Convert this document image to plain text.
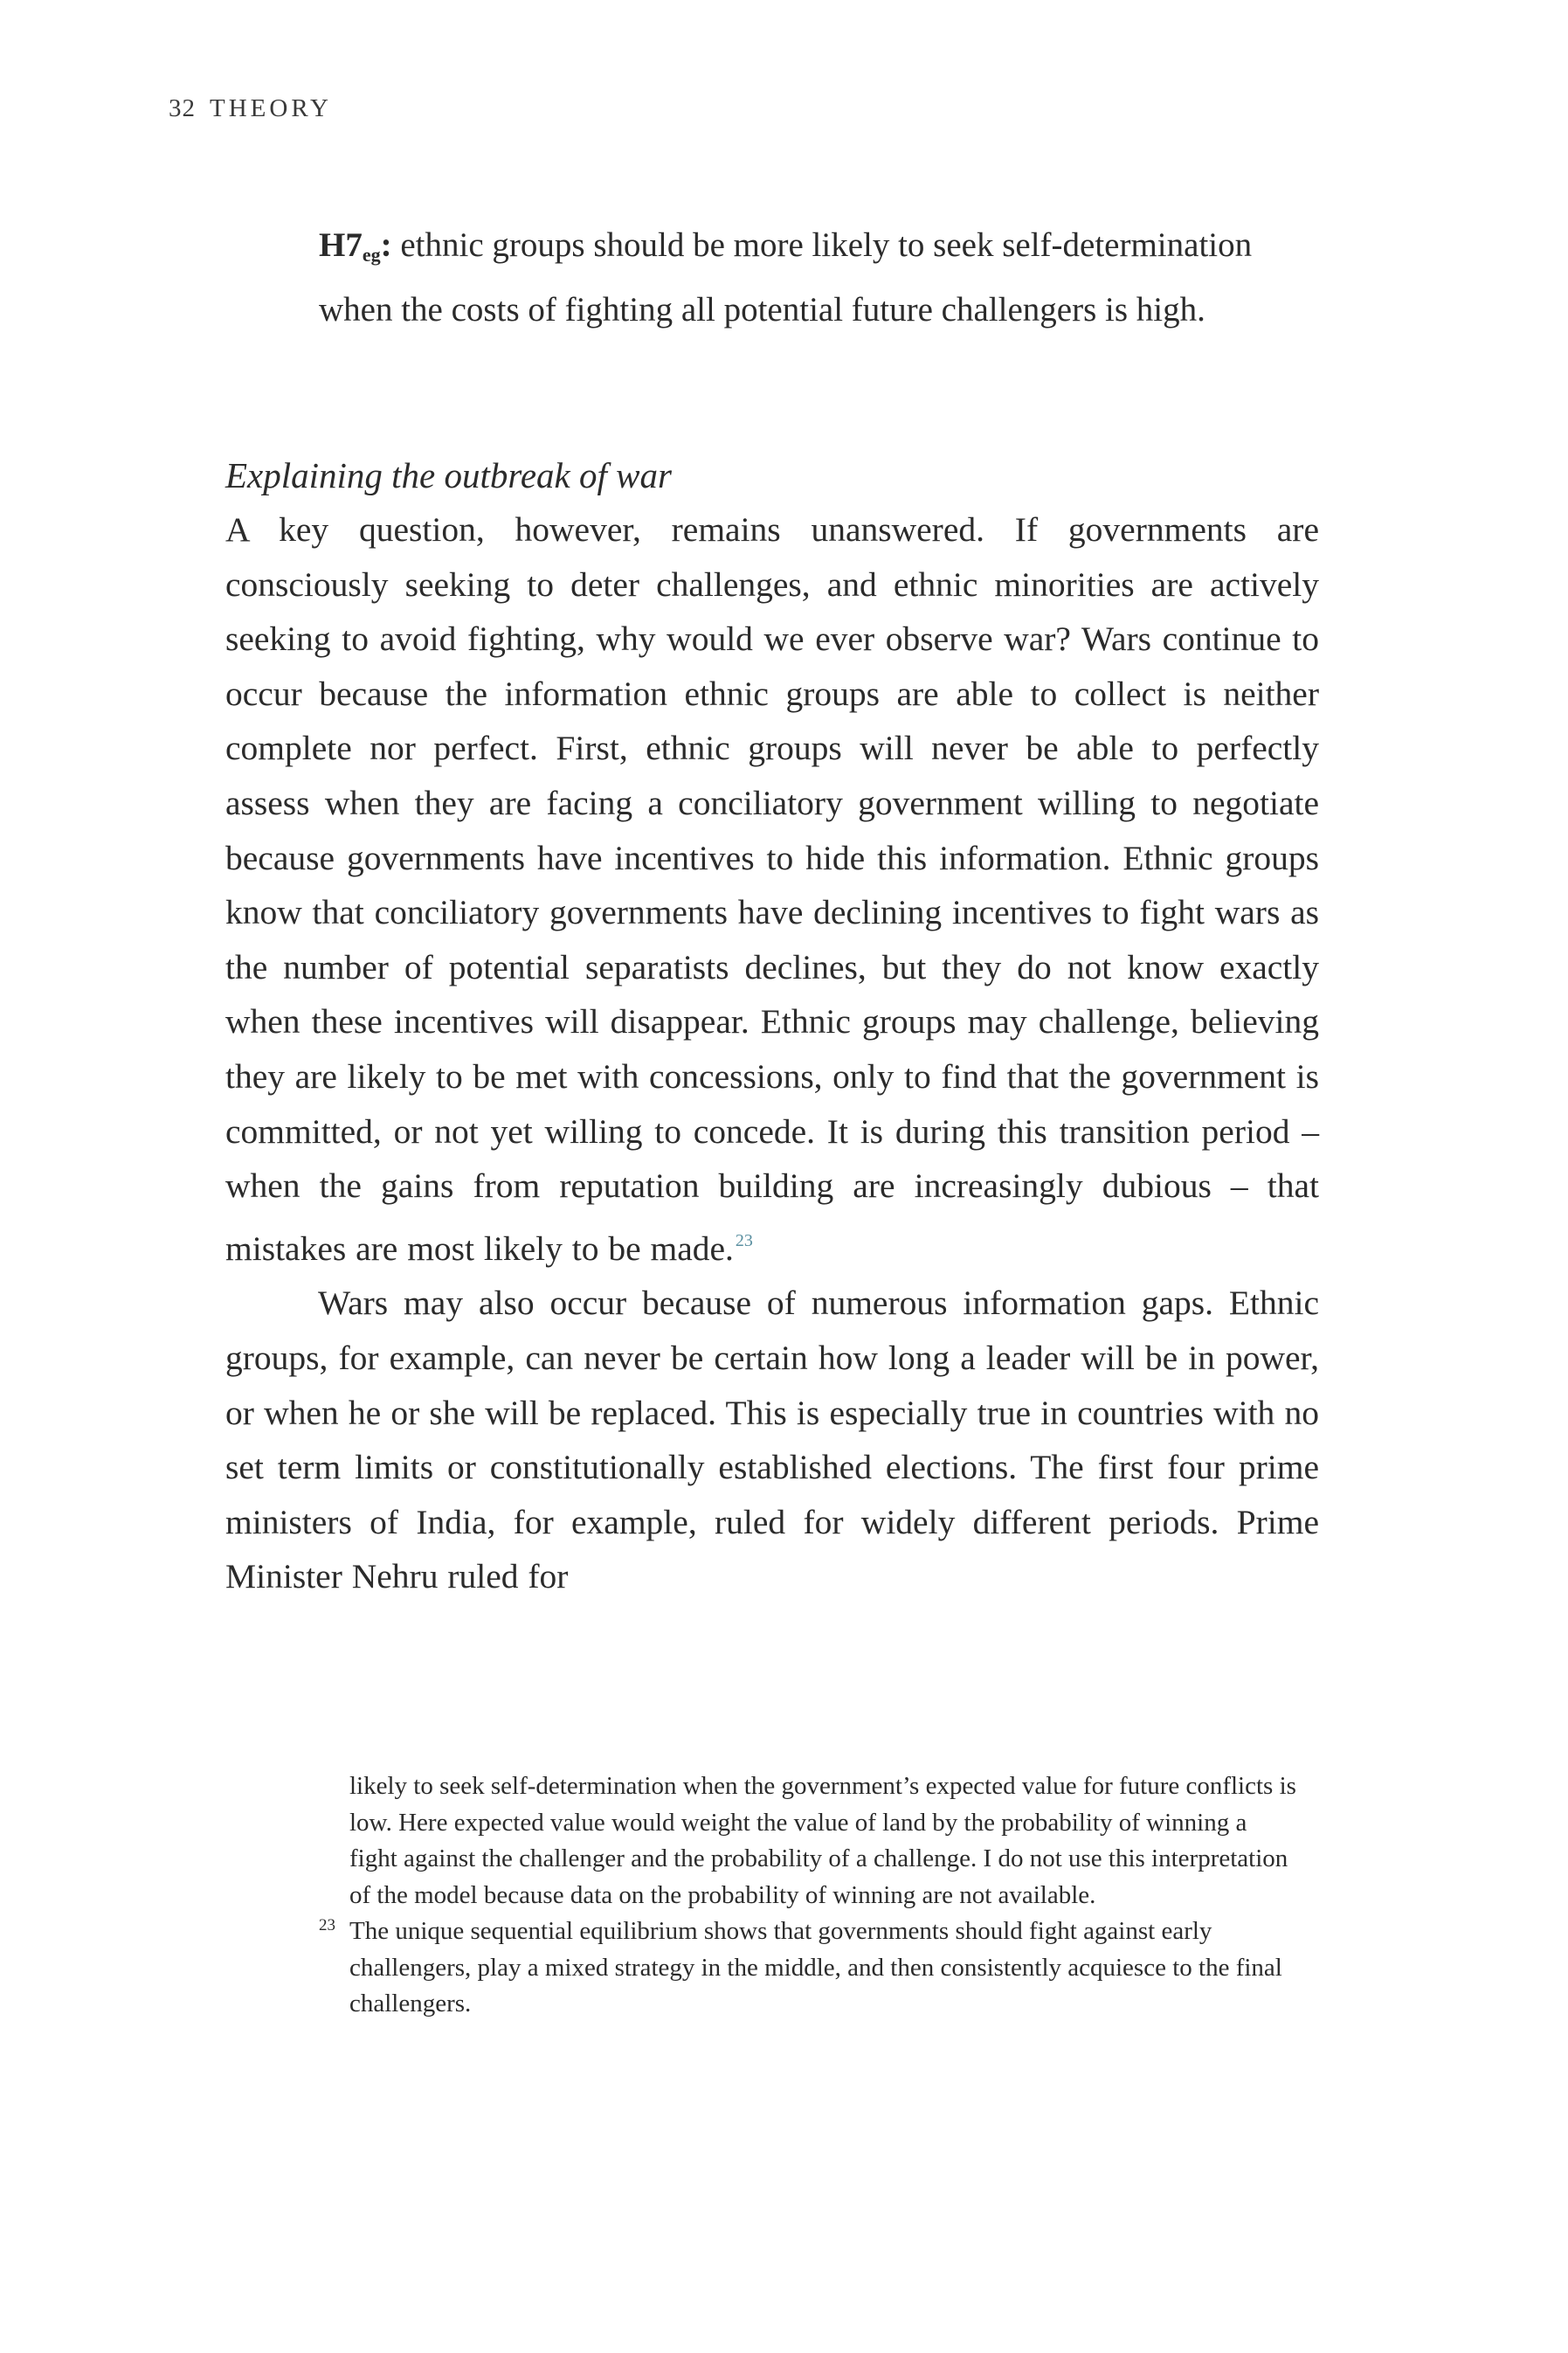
32 THEORY
$H7_{eg}$: ethnic groups should be more likely to seek self-determination when the costs of fighting all potential future challengers is high.
Explaining the outbreak of war

A key question, however, remains unanswered. If governments are consciously seeking to deter challenges, and ethnic minorities are actively seeking to avoid fighting, why would we ever observe war? Wars continue to occur because the information ethnic groups are able to collect is neither complete nor perfect. First, ethnic groups will never be able to perfectly assess when they are facing a conciliatory government willing to negotiate because governments have incentives to hide this information. Ethnic groups know that conciliatory governments have declining incentives to fight wars as the number of potential separatists declines, but they do not know exactly when these incentives will disappear. Ethnic groups may challenge, believing they are likely to be met with concessions, only to find that the government is committed, or not yet willing to concede. It is during this transition period – when the gains from reputation building are increasingly dubious – that mistakes are most likely to be made. $^{23}$

Wars may also occur because of numerous information gaps. Ethnic groups, for example, can never be certain how long a leader will be in power, or when he or she will be replaced. This is especially true in countries with no set term limits or constitutionally established elections. The first four prime ministers of India, for example, ruled for widely different periods. Prime Minister Nehru ruled for

likely to seek self-determination when the government’s expected value for future conflicts is low. Here expected value would weight the value of land by the probability of winning a fight against the challenger and the probability of a challenge. I do not use this interpretation of the model because data on the probability of winning are not available.

23 The unique sequential equilibrium shows that governments should fight against early challengers, play a mixed strategy in the middle, and then consistently acquiesce to the final challengers.
